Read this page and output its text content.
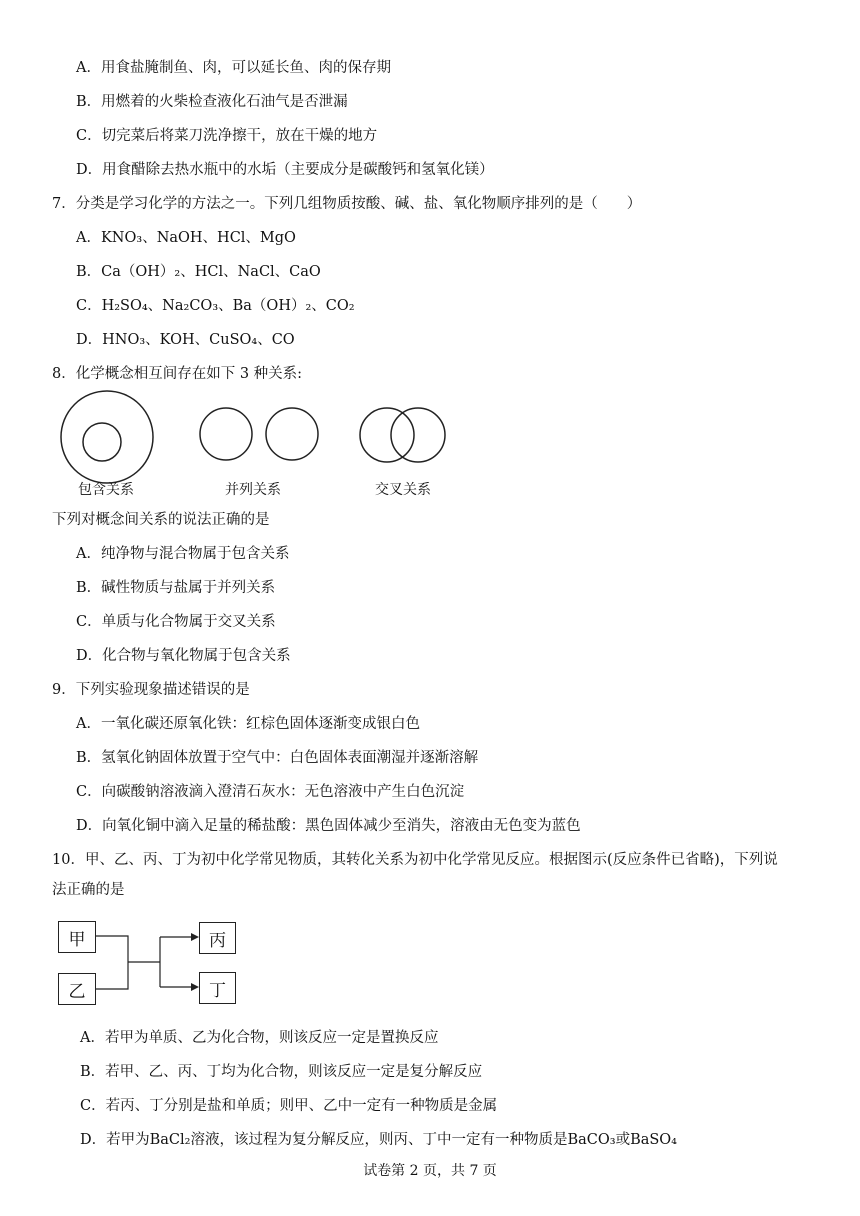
A．用食盐腌制鱼、肉，可以延长鱼、肉的保存期
B．用燃着的火柴检查液化石油气是否泄漏
C．切完菜后将菜刀洗净擦干，放在干燥的地方
D．用食醋除去热水瓶中的水垢（主要成分是碳酸钙和氢氧化镁）
7．分类是学习化学的方法之一。下列几组物质按酸、碱、盐、氧化物顺序排列的是（　　）
A．KNO₃、NaOH、HCl、MgO
B．Ca（OH）₂、HCl、NaCl、CaO
C．H₂SO₄、Na₂CO₃、Ba（OH）₂、CO₂
D．HNO₃、KOH、CuSO₄、CO
8．化学概念相互间存在如下 3 种关系:
包含关系	并列关系	交叉关系
下列对概念间关系的说法正确的是
A．纯净物与混合物属于包含关系
B．碱性物质与盐属于并列关系
C．单质与化合物属于交叉关系
D．化合物与氧化物属于包含关系
9．下列实验现象描述错误的是
A．一氧化碳还原氧化铁：红棕色固体逐渐变成银白色
B．氢氧化钠固体放置于空气中：白色固体表面潮湿并逐渐溶解
C．向碳酸钠溶液滴入澄清石灰水：无色溶液中产生白色沉淀
D．向氧化铜中滴入足量的稀盐酸：黑色固体减少至消失，溶液由无色变为蓝色
10．甲、乙、丙、丁为初中化学常见物质，其转化关系为初中化学常见反应。根据图示(反应条件已省略)，下列说
法正确的是
甲
乙
丙
丁
A．若甲为单质、乙为化合物，则该反应一定是置换反应
B．若甲、乙、丙、丁均为化合物，则该反应一定是复分解反应
C．若丙、丁分别是盐和单质；则甲、乙中一定有一种物质是金属
D．若甲为BaCl₂溶液，该过程为复分解反应，则丙、丁中一定有一种物质是BaCO₃或BaSO₄
试卷第 2 页，共 7 页
